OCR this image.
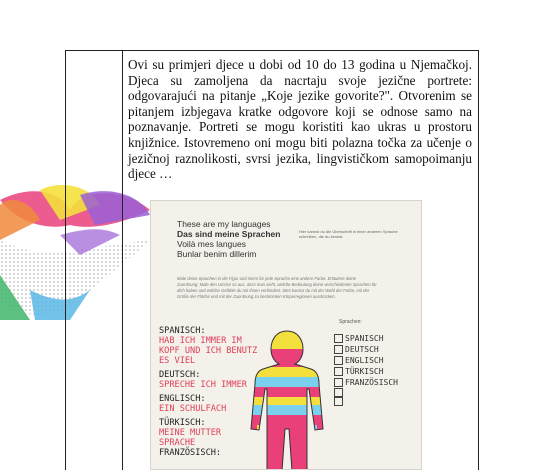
Ovi su primjeri djece u dobi od 10 do 13 godina u Njemačkoj. Djeca su zamoljena da nacrtaju svoje jezične portrete: odgovarajući na pitanje „Koje jezike govorite?". Otvorenim se pitanjem izbjegava kratke odgovore koji se odnose samo na poznavanje. Portreti se mogu koristiti kao ukras u prostoru knjižnice. Istovremeno oni mogu biti polazna točka za učenje o jezičnoj raznolikosti, svrsi jezika, lingvističkom samopoimanju djece …
These are my languages
Das sind meine Sprachen
Voilà mes langues
Bunlar benim dillerim
Hier kannst du die Überschrift in einer anderen Sprache schreiben, die du kennst.
Male deine Sprachen in die Figur und nimm für jede Sprache eine andere Farbe. Erläutere deine Zuordnung: Male den Umriss so aus, dass man sieht, welche Bedeutung deine verschiedenen Sprachen für dich haben und welche Gefühle du mit ihnen verbindest. Dies kannst du mit der Wahl der Farbe, mit der Größe der Fläche und mit der Zuordnung zu bestimmten Körperregionen ausdrücken.
Sprachen:
SPANISCH:
HAB ICH IMMER IM
KOPF UND ICH BENUTZ
ES VIEL
DEUTSCH:
SPRECHE ICH IMMER
ENGLISCH:
EIN SCHULFACH
TÜRKISCH:
MEINE MUTTER
SPRACHE
FRANZÖSISCH:
SPANISCH
DEUTSCH
ENGLISCH
TÜRKISCH
FRANZÖSISCH
